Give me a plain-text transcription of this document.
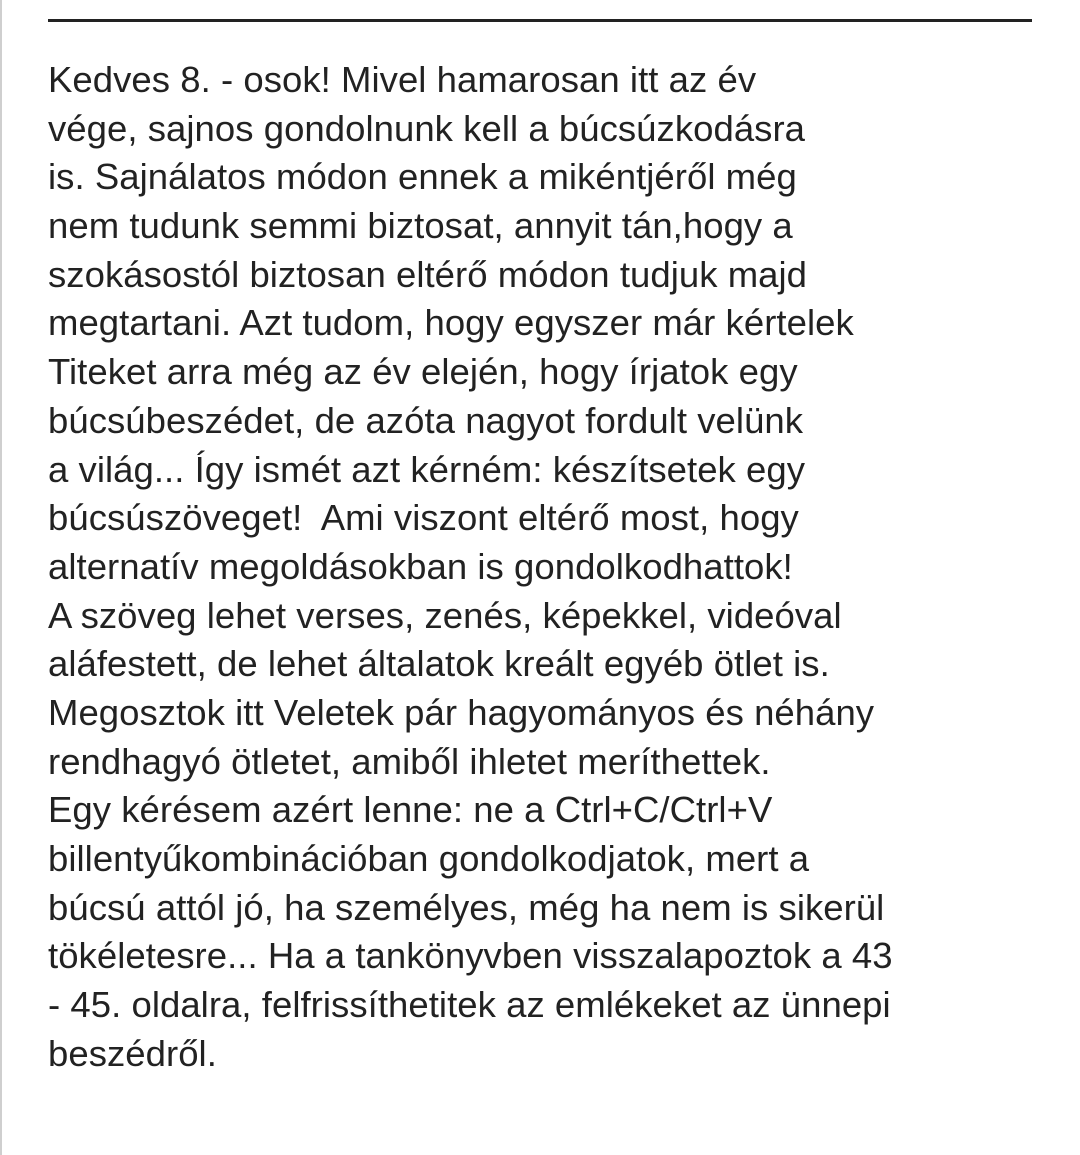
Kedves 8. - osok! Mivel hamarosan itt az év
vége, sajnos gondolnunk kell a búcsúzkodásra
is. Sajnálatos módon ennek a mikéntjéről még
nem tudunk semmi biztosat, annyit tán,hogy a
szokásostól biztosan eltérő módon tudjuk majd
megtartani. Azt tudom, hogy egyszer már kértelek
Titeket arra még az év elején, hogy írjatok egy
búcsúbeszédet, de azóta nagyot fordult velünk
a világ... Így ismét azt kérném: készítsetek egy
búcsúszöveget!  Ami viszont eltérő most, hogy
alternatív megoldásokban is gondolkodhattok!
A szöveg lehet verses, zenés, képekkel, videóval
aláfestett, de lehet általatok kreált egyéb ötlet is.
Megosztok itt Veletek pár hagyományos és néhány
rendhagyó ötletet, amiből ihletet meríthettek.
Egy kérésem azért lenne: ne a Ctrl+C/Ctrl+V
billentyűkombinációban gondolkodjatok, mert a
búcsú attól jó, ha személyes, még ha nem is sikerül
tökéletesre... Ha a tankönyvben visszalapoztok a 43
- 45. oldalra, felfrissíthetitek az emlékeket az ünnepi
beszédről.
